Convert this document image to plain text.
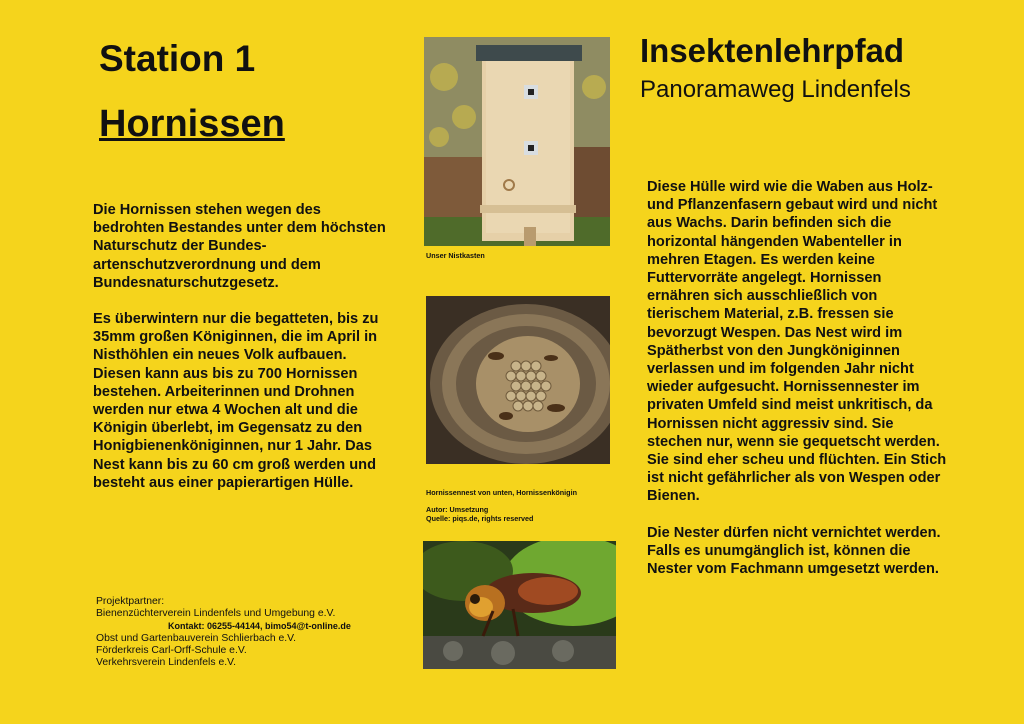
Station 1
Hornissen

Die Hornissen stehen wegen des bedrohten Bestandes unter dem höchsten Naturschutz der Bundes-artenschutzverordnung und dem Bundesnaturschutzgesetz.

Es überwintern nur die begatteten, bis zu 35mm großen Königinnen, die im April in Nisthöhlen ein neues Volk aufbauen. Diesen kann aus bis zu 700 Hornissen bestehen. Arbeiterinnen und Drohnen werden nur etwa 4 Wochen alt und die Königin überlebt, im Gegensatz zu den Honigbienenköniginnen, nur 1 Jahr. Das Nest kann bis zu 60 cm groß werden und besteht aus einer papierartigen Hülle.

Projektpartner:
Bienenzüchterverein Lindenfels und Umgebung e.V.
Kontakt: 06255-44144, bimo54@t-online.de
Obst und Gartenbauverein Schlierbach e.V.
Förderkreis Carl-Orff-Schule e.V.
Verkehrsverein Lindenfels e.V.
Unser Nistkasten
Hornissennest von unten, Hornissenkönigin
Autor: Umsetzung
Quelle: piqs.de, rights reserved
Insektenlehrpfad
Panoramaweg Lindenfels

Diese Hülle wird wie die Waben aus Holz- und Pflanzenfasern gebaut wird und nicht aus Wachs. Darin befinden sich die horizontal hängenden Wabenteller in mehren Etagen. Es werden keine Futtervorräte angelegt. Hornissen ernähren sich ausschließlich von tierischem Material, z.B. fressen sie bevorzugt Wespen. Das Nest wird im Spätherbst von den Jungköniginnen verlassen und im folgenden Jahr nicht wieder aufgesucht. Hornissennester im privaten Umfeld sind meist unkritisch, da Hornissen nicht aggressiv sind. Sie stechen nur, wenn sie gequetscht werden. Sie sind eher scheu und flüchten. Ein Stich ist nicht gefährlicher als von Wespen oder Bienen.

Die Nester dürfen nicht vernichtet werden. Falls es unumgänglich ist, können die Nester vom Fachmann umgesetzt werden.
